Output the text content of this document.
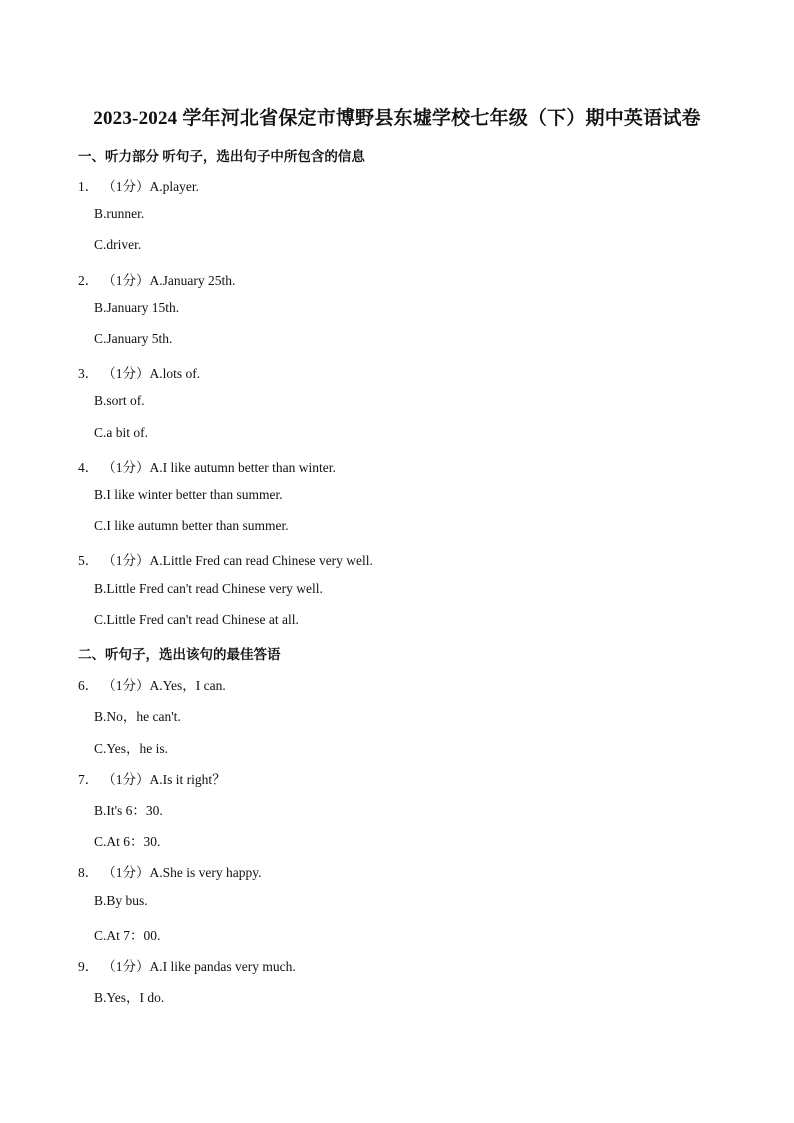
2023-2024 学年河北省保定市博野县东墟学校七年级（下）期中英语试卷
一、听力部分 听句子，选出句子中所包含的信息
1． （1分）A.player.
B.runner.
C.driver.
2． （1分）A.January 25th.
B.January 15th.
C.January 5th.
3． （1分）A.lots of.
B.sort of.
C.a bit of.
4． （1分）A.I like autumn better than winter.
B.I like winter better than summer.
C.I like autumn better than summer.
5． （1分）A.Little Fred can read Chinese very well.
B.Little Fred can't read Chinese very well.
C.Little Fred can't read Chinese at all.
二、听句子，选出该句的最佳答语
6． （1分）A.Yes，I can.
B.No，he can't.
C.Yes，he is.
7． （1分）A.Is it right？
B.It's 6：30.
C.At 6：30.
8． （1分）A.She is very happy.
B.By bus.
C.At 7：00.
9． （1分）A.I like pandas very much.
B.Yes，I do.
